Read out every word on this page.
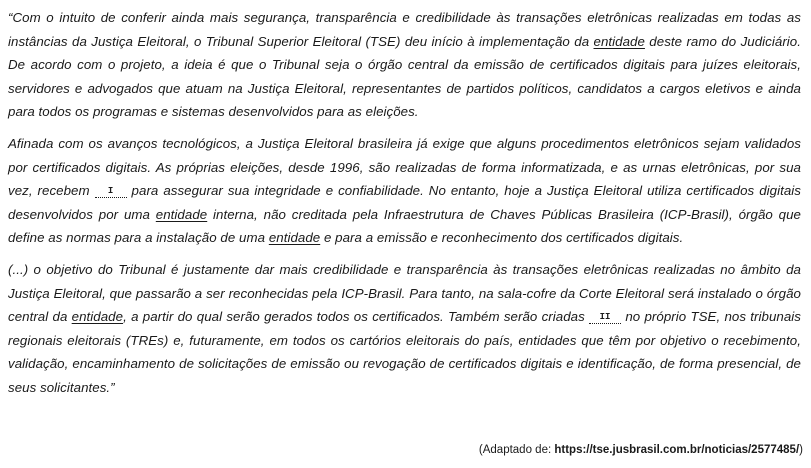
“Com o intuito de conferir ainda mais segurança, transparência e credibilidade às transações eletrônicas realizadas em todas as instâncias da Justiça Eleitoral, o Tribunal Superior Eleitoral (TSE) deu início à implementação da entidade deste ramo do Judiciário. De acordo com o projeto, a ideia é que o Tribunal seja o órgão central da emissão de certificados digitais para juízes eleitorais, servidores e advogados que atuam na Justiça Eleitoral, representantes de partidos políticos, candidatos a cargos eletivos e ainda para todos os programas e sistemas desenvolvidos para as eleições.

Afinada com os avanços tecnológicos, a Justiça Eleitoral brasileira já exige que alguns procedimentos eletrônicos sejam validados por certificados digitais. As próprias eleições, desde 1996, são realizadas de forma informatizada, e as urnas eletrônicas, por sua vez, recebem I para assegurar sua integridade e confiabilidade. No entanto, hoje a Justiça Eleitoral utiliza certificados digitais desenvolvidos por uma entidade interna, não creditada pela Infraestrutura de Chaves Públicas Brasileira (ICP-Brasil), órgão que define as normas para a instalação de uma entidade e para a emissão e reconhecimento dos certificados digitais.

(...) o objetivo do Tribunal é justamente dar mais credibilidade e transparência às transações eletrônicas realizadas no âmbito da Justiça Eleitoral, que passarão a ser reconhecidas pela ICP-Brasil. Para tanto, na sala-cofre da Corte Eleitoral será instalado o órgão central da entidade, a partir do qual serão gerados todos os certificados. Também serão criadas II no próprio TSE, nos tribunais regionais eleitorais (TREs) e, futuramente, em todos os cartórios eleitorais do país, entidades que têm por objetivo o recebimento, validação, encaminhamento de solicitações de emissão ou revogação de certificados digitais e identificação, de forma presencial, de seus solicitantes.”

(Adaptado de: https://tse.jusbrasil.com.br/noticias/2577485/)
